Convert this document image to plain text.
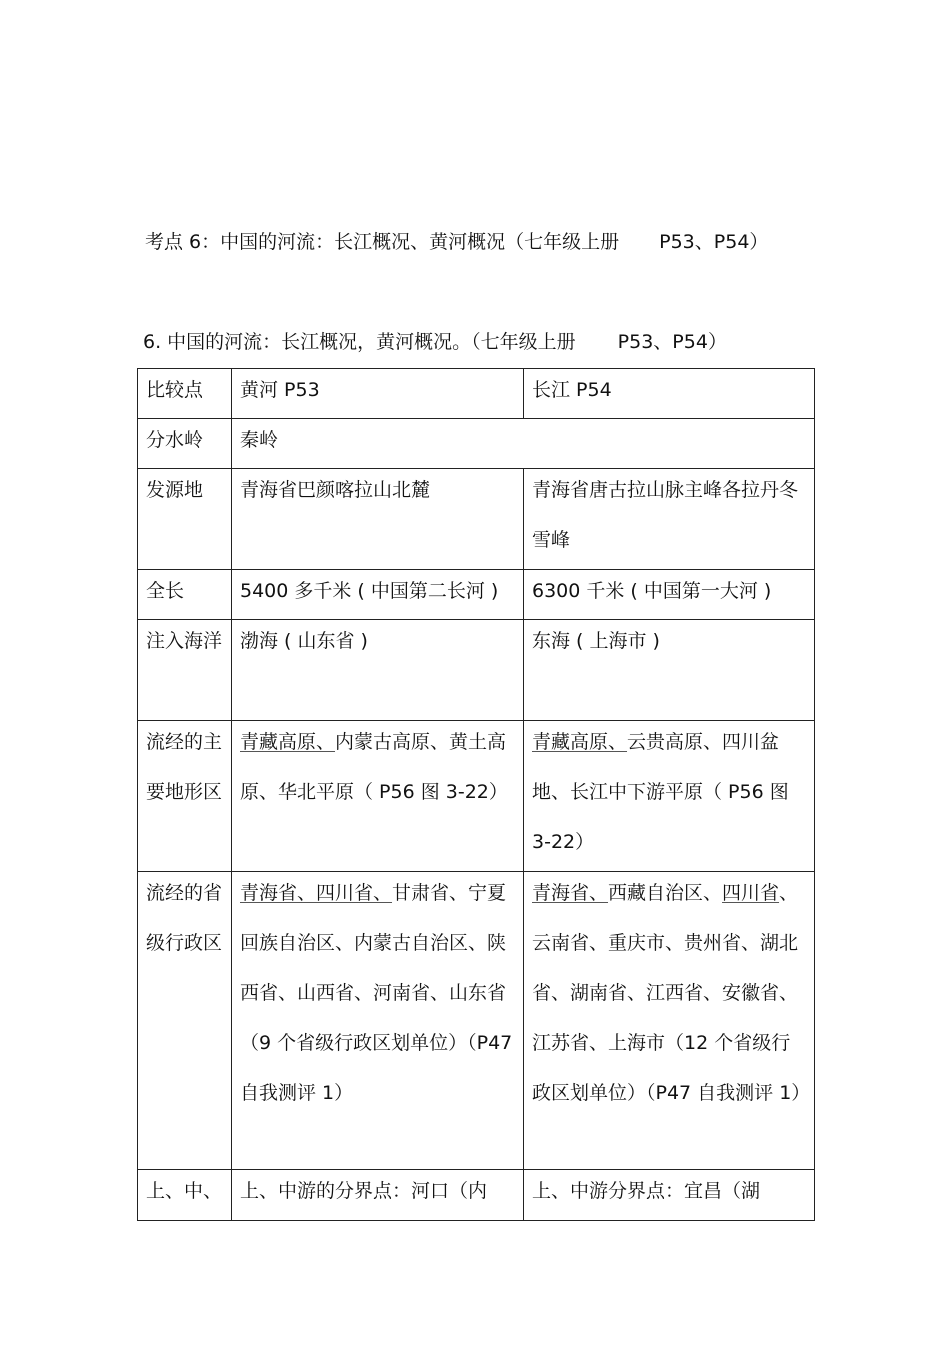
考点 6：中国的河流：长江概况、黄河概况（七年级上册 P53、P54）
6. 中国的河流：长江概况，黄河概况。（七年级上册 P53、P54）
比较点	黄河 P53	长江 P54

分水岭	秦岭	

发源地	青海省巴颜喀拉山北麓	青海省唐古拉山脉主峰各拉丹冬雪峰

全长	5400 多千米 ( 中国第二长河 )	6300 千米 ( 中国第一大河 )

注入海洋	渤海 ( 山东省 )	东海 ( 上海市 )

流经的主要地形区	青藏高原、内蒙古高原、黄土高原、华北平原（ P56 图 3-22）	青藏高原、云贵高原、四川盆地、长江中下游平原（ P56 图 3-22）

流经的省级行政区	青海省、四川省、甘肃省、宁夏回族自治区、内蒙古自治区、陕西省、山西省、河南省、山东省（9 个省级行政区划单位）（P47 自我测评 1）	青海省、西藏自治区、四川省、云南省、重庆市、贵州省、湖北省、湖南省、江西省、安徽省、江苏省、上海市（12 个省级行政区划单位）（P47 自我测评 1）

上、中、	上、中游的分界点：河口（内	上、中游分界点：宜昌（湖
